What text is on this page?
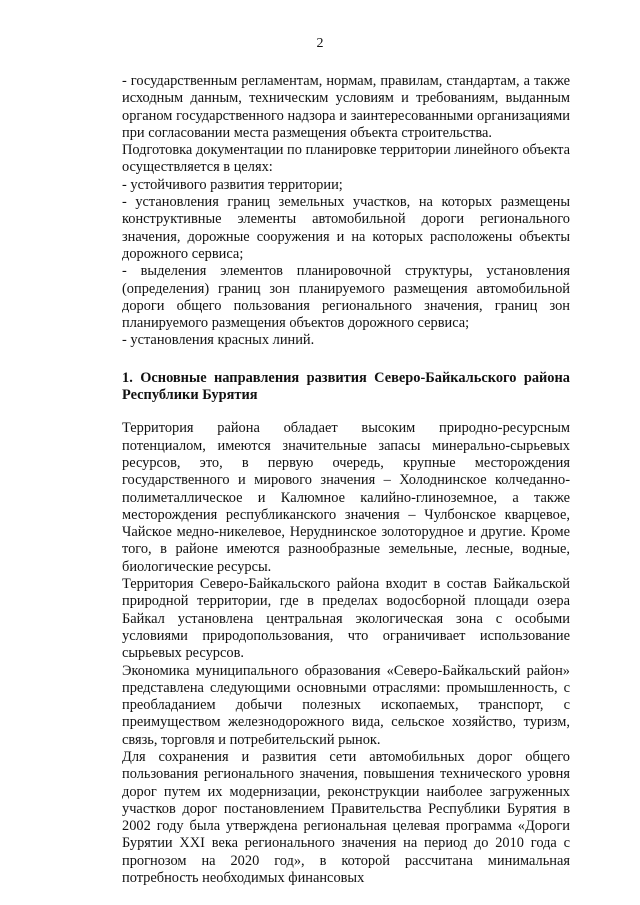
2

- государственным регламентам, нормам, правилам, стандартам, а также исходным данным, техническим условиям и требованиям, выданным органом государственного надзора и заинтересованными организациями при согласовании места размещения объекта строительства.

Подготовка документации по планировке территории линейного объекта осуществляется в целях:

- устойчивого развития территории;

- установления границ земельных участков, на которых размещены конструктивные элементы автомобильной дороги регионального значения, дорожные сооружения и на которых расположены объекты дорожного сервиса;

- выделения элементов планировочной структуры, установления (определения) границ зон планируемого размещения автомобильной дороги общего пользования регионального значения, границ зон планируемого размещения объектов дорожного сервиса;

- установления красных линий.

1. Основные направления развития Северо-Байкальского района Республики Бурятия

Территория района обладает высоким природно-ресурсным потенциалом, имеются значительные запасы минерально-сырьевых ресурсов, это, в первую очередь, крупные месторождения государственного и мирового значения – Холоднинское колчеданно-полиметаллическое и Калюмное калийно-глиноземное, а также месторождения республиканского значения – Чулбонское кварцевое, Чайское медно-никелевое, Неруднинское золоторудное и другие. Кроме того, в районе имеются разнообразные земельные, лесные, водные, биологические ресурсы.

Территория Северо-Байкальского района входит в состав Байкальской природной территории, где в пределах водосборной площади озера Байкал установлена центральная экологическая зона с особыми условиями природопользования, что ограничивает использование сырьевых ресурсов.

Экономика муниципального образования «Северо-Байкальский район» представлена следующими основными отраслями: промышленность, с преобладанием добычи полезных ископаемых, транспорт, с преимуществом железнодорожного вида, сельское хозяйство, туризм, связь, торговля и потребительский рынок.

Для сохранения и развития сети автомобильных дорог общего пользования регионального значения, повышения технического уровня дорог путем их модернизации, реконструкции наиболее загруженных участков дорог постановлением Правительства Республики Бурятия в 2002 году была утверждена региональная целевая программа «Дороги Бурятии XXI века регионального значения на период до 2010 года с прогнозом на 2020 год», в которой рассчитана минимальная потребность необходимых финансовых
